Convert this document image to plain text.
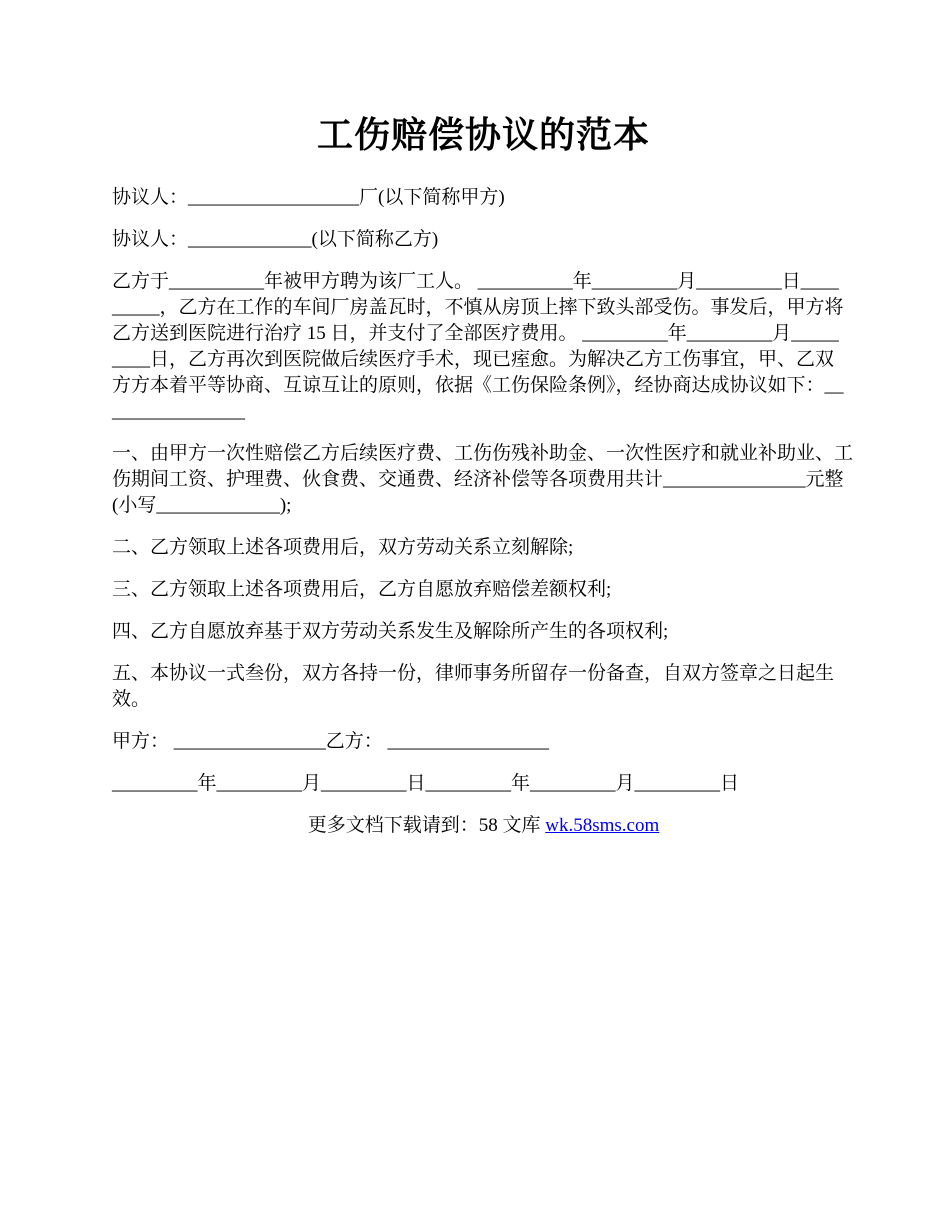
工伤赔偿协议的范本

协议人：__________________厂(以下简称甲方)

协议人：_____________(以下简称乙方)

乙方于__________年被甲方聘为该厂工人。 __________年_________月_________日____
_____，乙方在工作的车间厂房盖瓦时，不慎从房顶上摔下致头部受伤。事发后，甲方将
乙方送到医院进行治疗 15 日，并支付了全部医疗费用。 _________年_________月_____
____日，乙方再次到医院做后续医疗手术，现已痓愈。为解决乙方工伤事宜，甲、乙双
方方本着平等协商、互谅互让的原则，依据《工伤保险条例》，经协商达成协议如下：__
______________
一、由甲方一次性赔偿乙方后续医疗费、工伤伤残补助金、一次性医疗和就业补助业、工
伤期间工资、护理费、伙食费、交通费、经济补偿等各项费用共计_______________元整
(小写_____________);

二、乙方领取上述各项费用后，双方劳动关系立刻解除;

三、乙方领取上述各项费用后，乙方自愿放弃赔偿差额权利;

四、乙方自愿放弃基于双方劳动关系发生及解除所产生的各项权利;

五、本协议一式叁份，双方各持一份，律师事务所留存一份备查，自双方签章之日起生效。

甲方： ________________乙方： _________________

_________年_________月_________日_________年_________月_________日

更多文档下载请到：58 文库 wk.58sms.com
